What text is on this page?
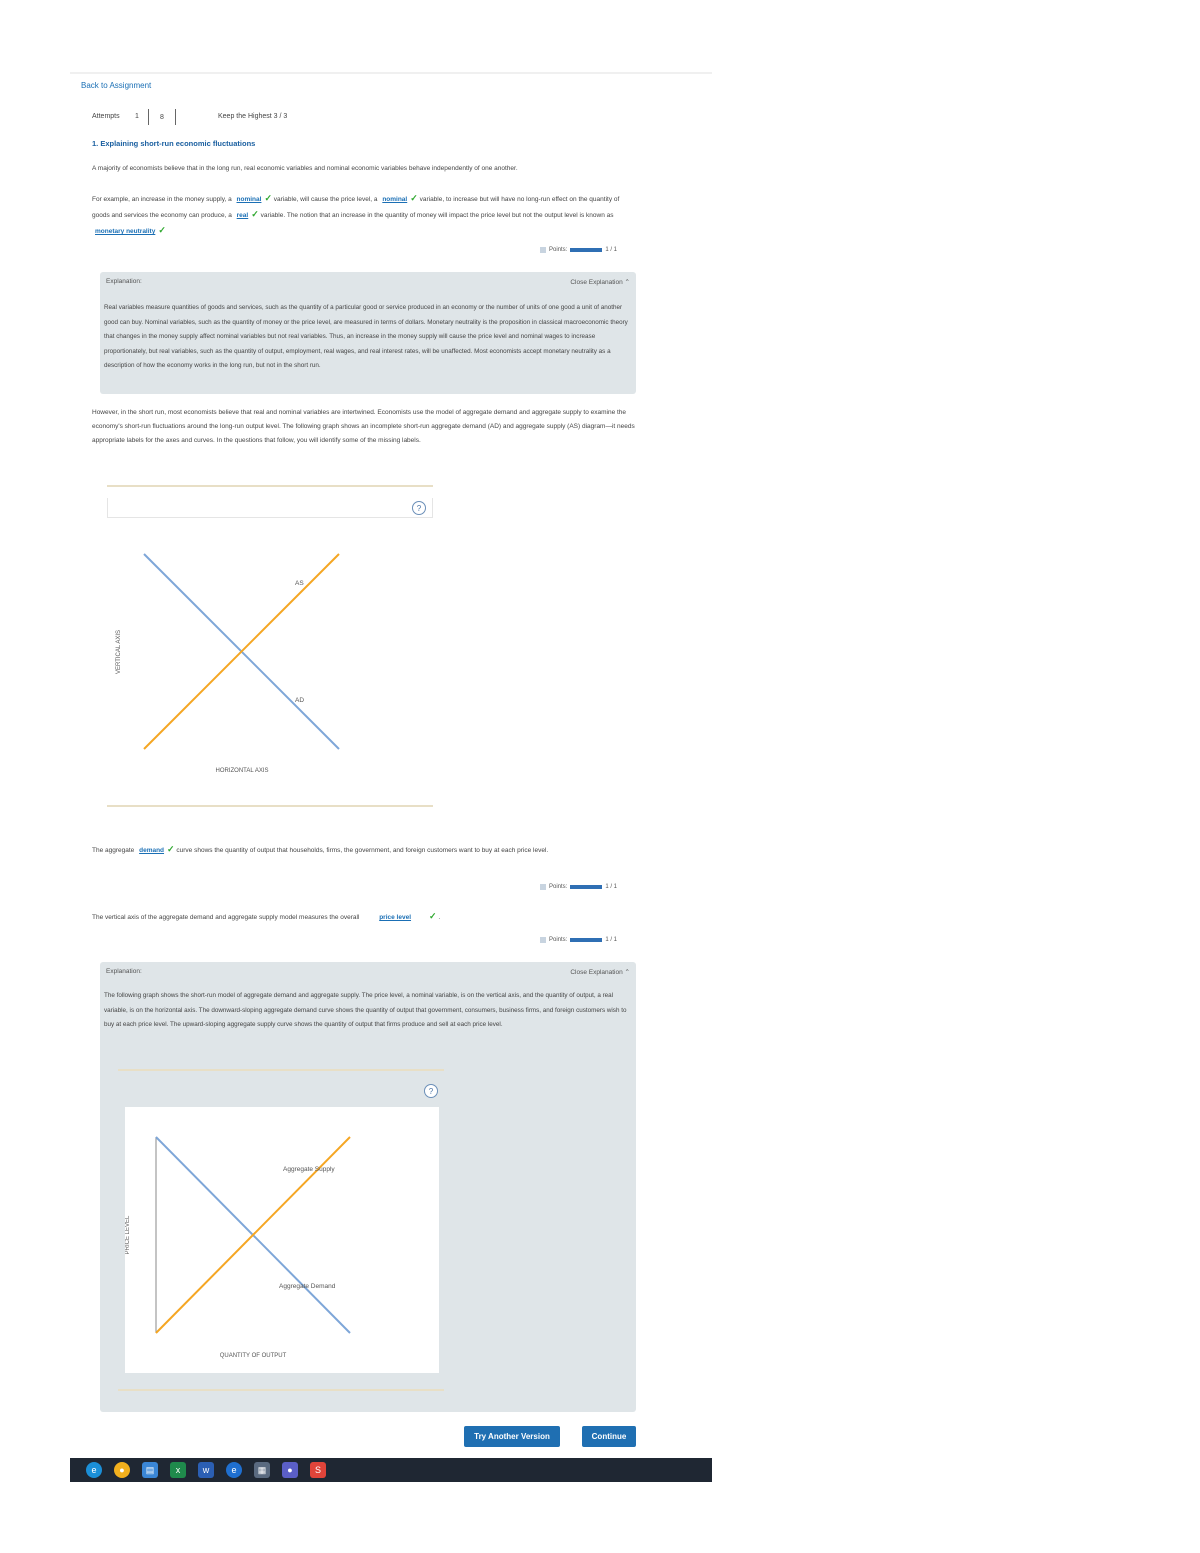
Back to Assignment
Attempts 1	8	Keep the Highest 3 / 3
1. Explaining short-run economic fluctuations
A majority of economists believe that in the long run, real economic variables and nominal economic variables behave independently of one another.
For example, an increase in the money supply, a nominal ✓ variable, will cause the price level, a nominal ✓ variable, to increase but will have no long-run effect on the quantity of goods and services the economy can produce, a real ✓ variable. The notion that an increase in the quantity of money will impact the price level but not the output level is known as monetary neutrality ✓
Points:	1 / 1
Explanation:	Close Explanation ⌃
Real variables measure quantities of goods and services, such as the quantity of a particular good or service produced in an economy or the number of units of one good a unit of another good can buy. Nominal variables, such as the quantity of money or the price level, are measured in terms of dollars. Monetary neutrality is the proposition in classical macroeconomic theory that changes in the money supply affect nominal variables but not real variables. Thus, an increase in the money supply will cause the price level and nominal wages to increase proportionately, but real variables, such as the quantity of output, employment, real wages, and real interest rates, will be unaffected. Most economists accept monetary neutrality as a description of how the economy works in the long run, but not in the short run.
However, in the short run, most economists believe that real and nominal variables are intertwined. Economists use the model of aggregate demand and aggregate supply to examine the economy's short-run fluctuations around the long-run output level. The following graph shows an incomplete short-run aggregate demand (AD) and aggregate supply (AS) diagram—it needs appropriate labels for the axes and curves. In the questions that follow, you will identify some of the missing labels.
?
AS
AD
VERTICAL AXIS
HORIZONTAL AXIS
The aggregate demand ✓ curve shows the quantity of output that households, firms, the government, and foreign customers want to buy at each price level.
Points:	1 / 1
The vertical axis of the aggregate demand and aggregate supply model measures the overall	price level ✓ .
Points:	1 / 1
Explanation:	Close Explanation ⌃
The following graph shows the short-run model of aggregate demand and aggregate supply. The price level, a nominal variable, is on the vertical axis, and the quantity of output, a real variable, is on the horizontal axis. The downward-sloping aggregate demand curve shows the quantity of output that government, consumers, business firms, and foreign customers wish to buy at each price level. The upward-sloping aggregate supply curve shows the quantity of output that firms produce and sell at each price level.
?
Aggregate Supply
Aggregate Demand
PRICE LEVEL
QUANTITY OF OUTPUT
Try Another Version	Continue
e	●	▤	x	w	e	▦	●	S
